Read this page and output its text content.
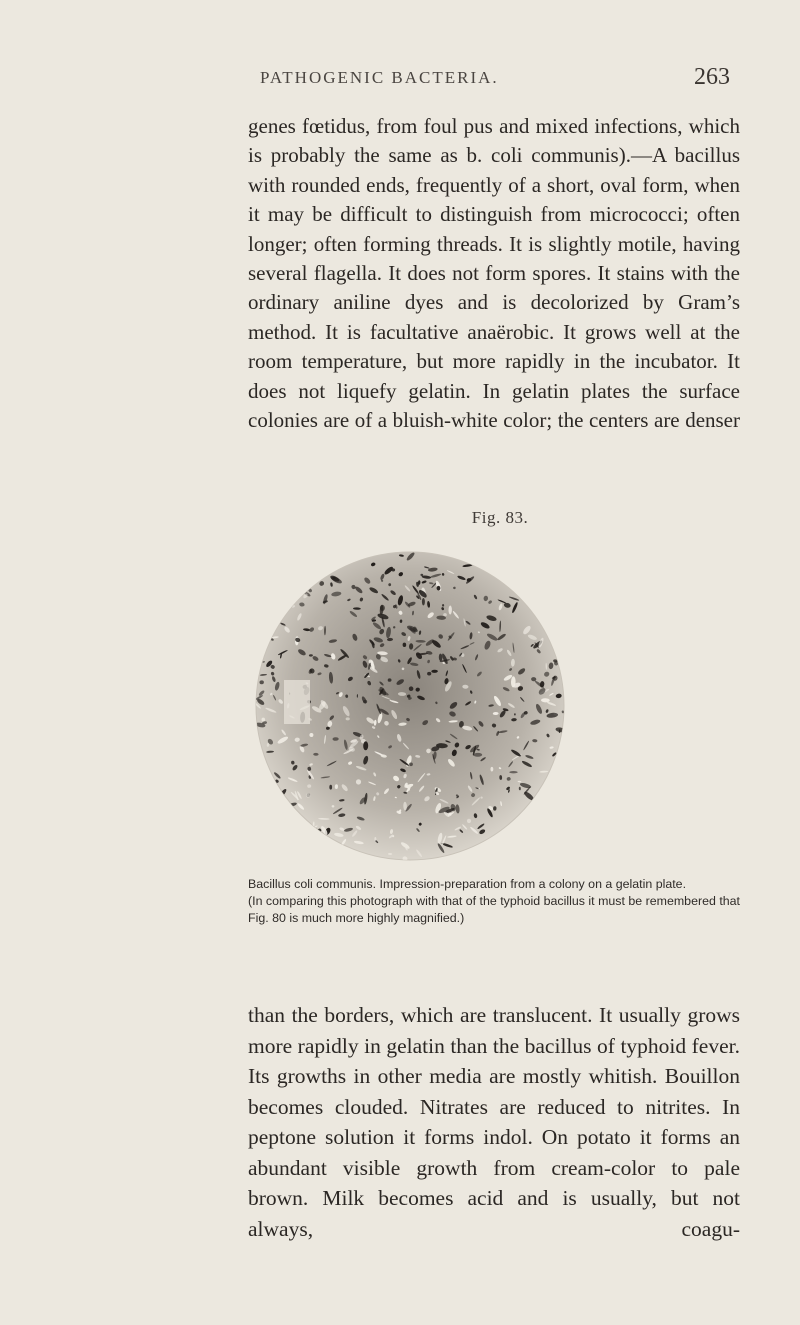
PATHOGENIC BACTERIA.	263

genes fœtidus, from foul pus and mixed infections, which is probably the same as b. coli communis).—A bacillus with rounded ends, frequently of a short, oval form, when it may be difficult to distinguish from micrococci; often longer; often forming threads. It is slightly motile, having several flagella. It does not form spores. It stains with the ordinary aniline dyes and is decolorized by Gram’s method. It is facultative anaërobic. It grows well at the room temperature, but more rapidly in the incubator. It does not liquefy gelatin. In gelatin plates the surface colonies are of a bluish-white color; the centers are denser

Fig. 83.

Bacillus coli communis. Impression-preparation from a colony on a gelatin plate.
(In comparing this photograph with that of the typhoid bacillus it must be remembered that Fig. 80 is much more highly magnified.)

than the borders, which are translucent. It usually grows more rapidly in gelatin than the bacillus of typhoid fever. Its growths in other media are mostly whitish. Bouillon becomes clouded. Nitrates are reduced to nitrites. In peptone solution it forms indol. On potato it forms an abundant visible growth from cream-color to pale brown. Milk becomes acid and is usually, but not always, coagu-
